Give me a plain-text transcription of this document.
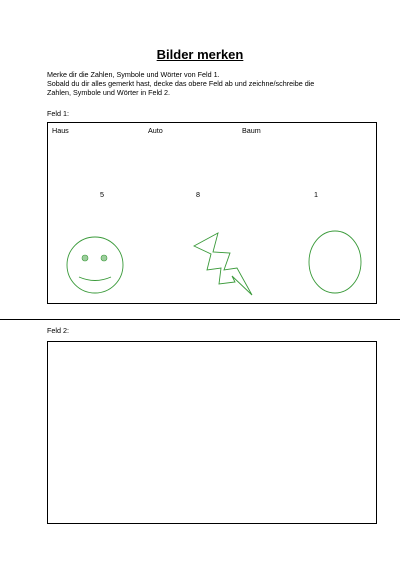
Bilder merken
Merke dir die Zahlen, Symbole und Wörter von Feld 1.
Sobald du dir alles gemerkt hast, decke das obere Feld ab und zeichne/schreibe die
Zahlen, Symbole und Wörter in Feld 2.
Feld 1:
Haus	Auto	Baum
5	8	1
Feld 2:
